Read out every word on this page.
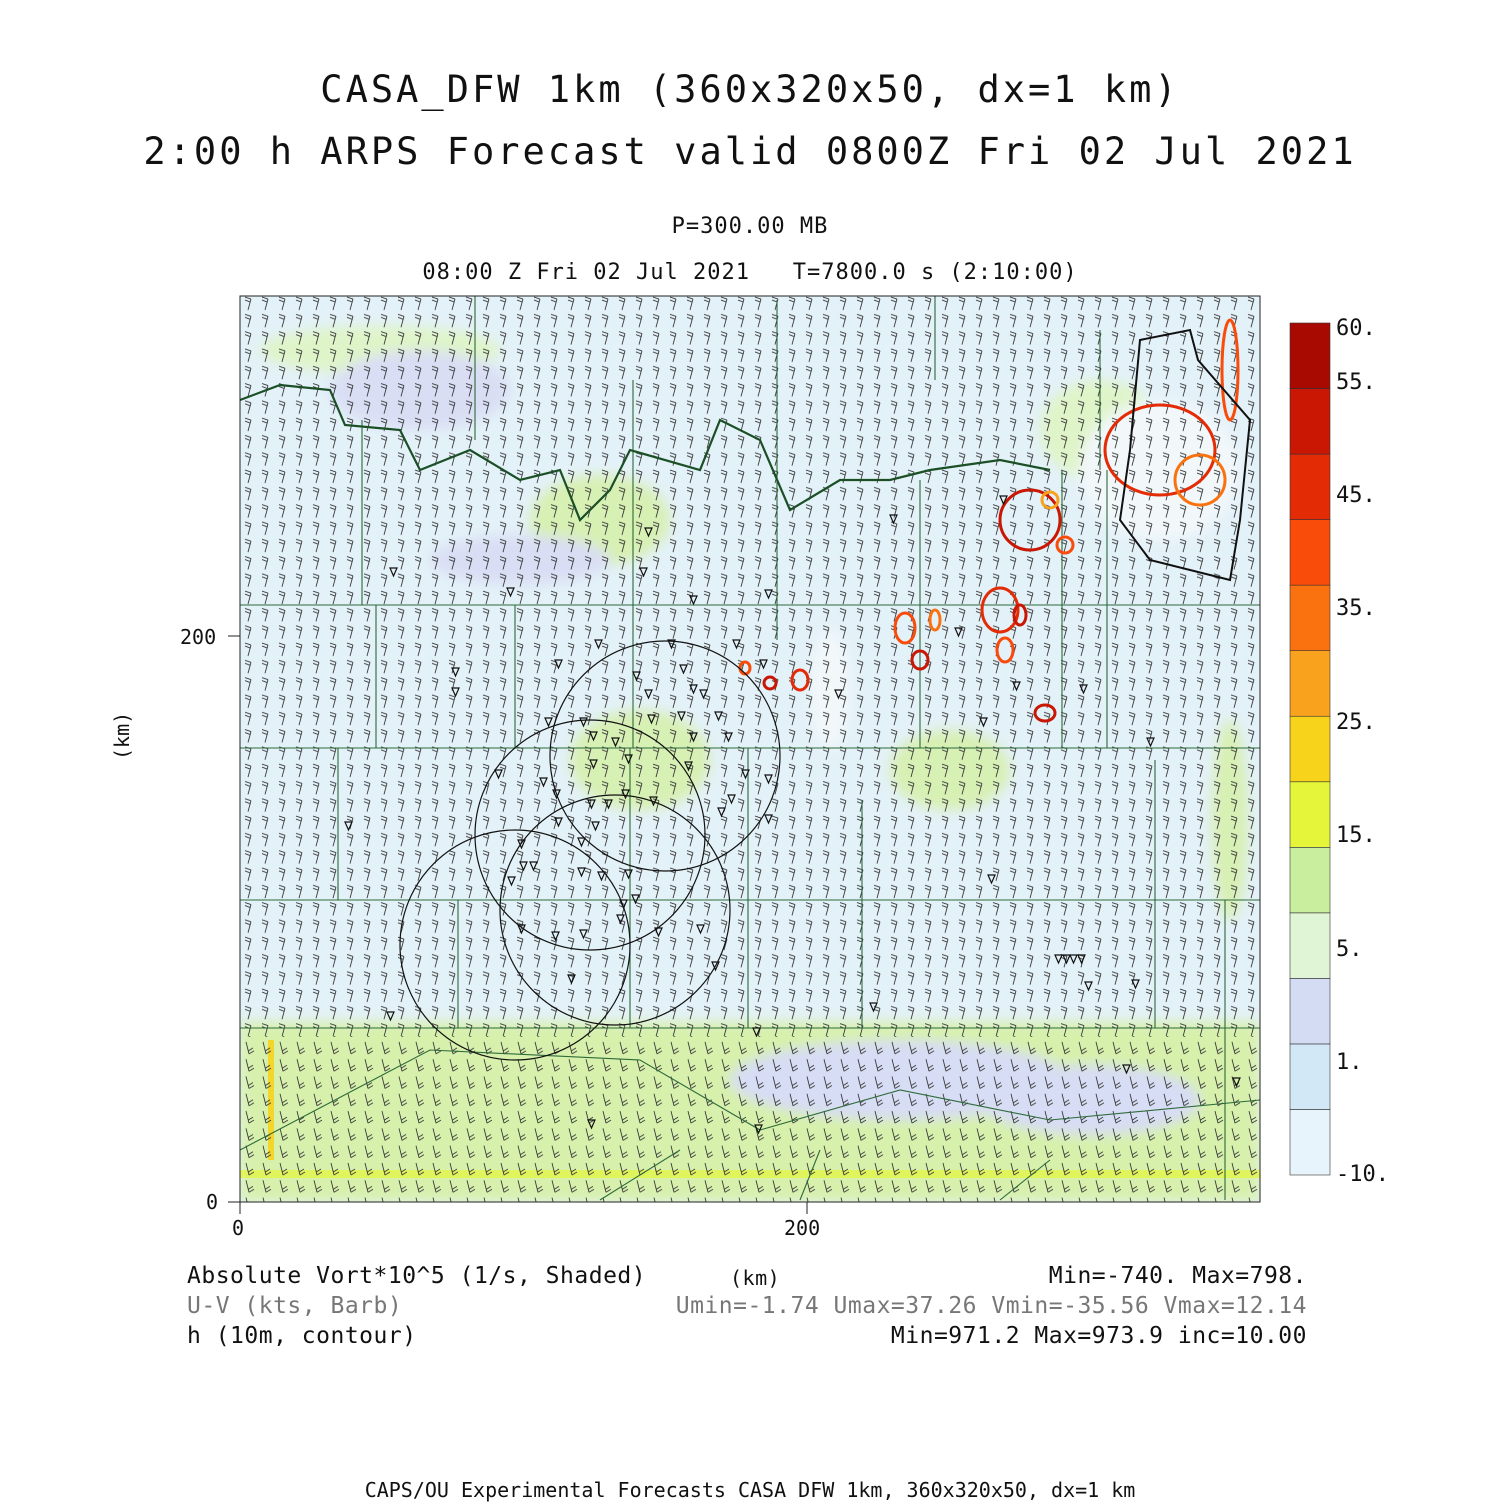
CASA_DFW 1km (360x320x50, dx=1 km)
2:00 h ARPS Forecast valid 0800Z Fri 02 Jul 2021
P=300.00 MB
08:00 Z Fri 02 Jul 2021   T=7800.0 s (2:10:00)
(km)
200
0
0	200
60.
55.
45.
35.
25.
15.
5.
1.
-10.
Absolute Vort*10^5 (1/s, Shaded)	(km)	Min=-740. Max=798.
U-V (kts, Barb)	Umin=-1.74 Umax=37.26 Vmin=-35.56 Vmax=12.14
h (10m, contour)	Min=971.2 Max=973.9 inc=10.00
CAPS/OU Experimental Forecasts CASA DFW 1km, 360x320x50, dx=1 km
